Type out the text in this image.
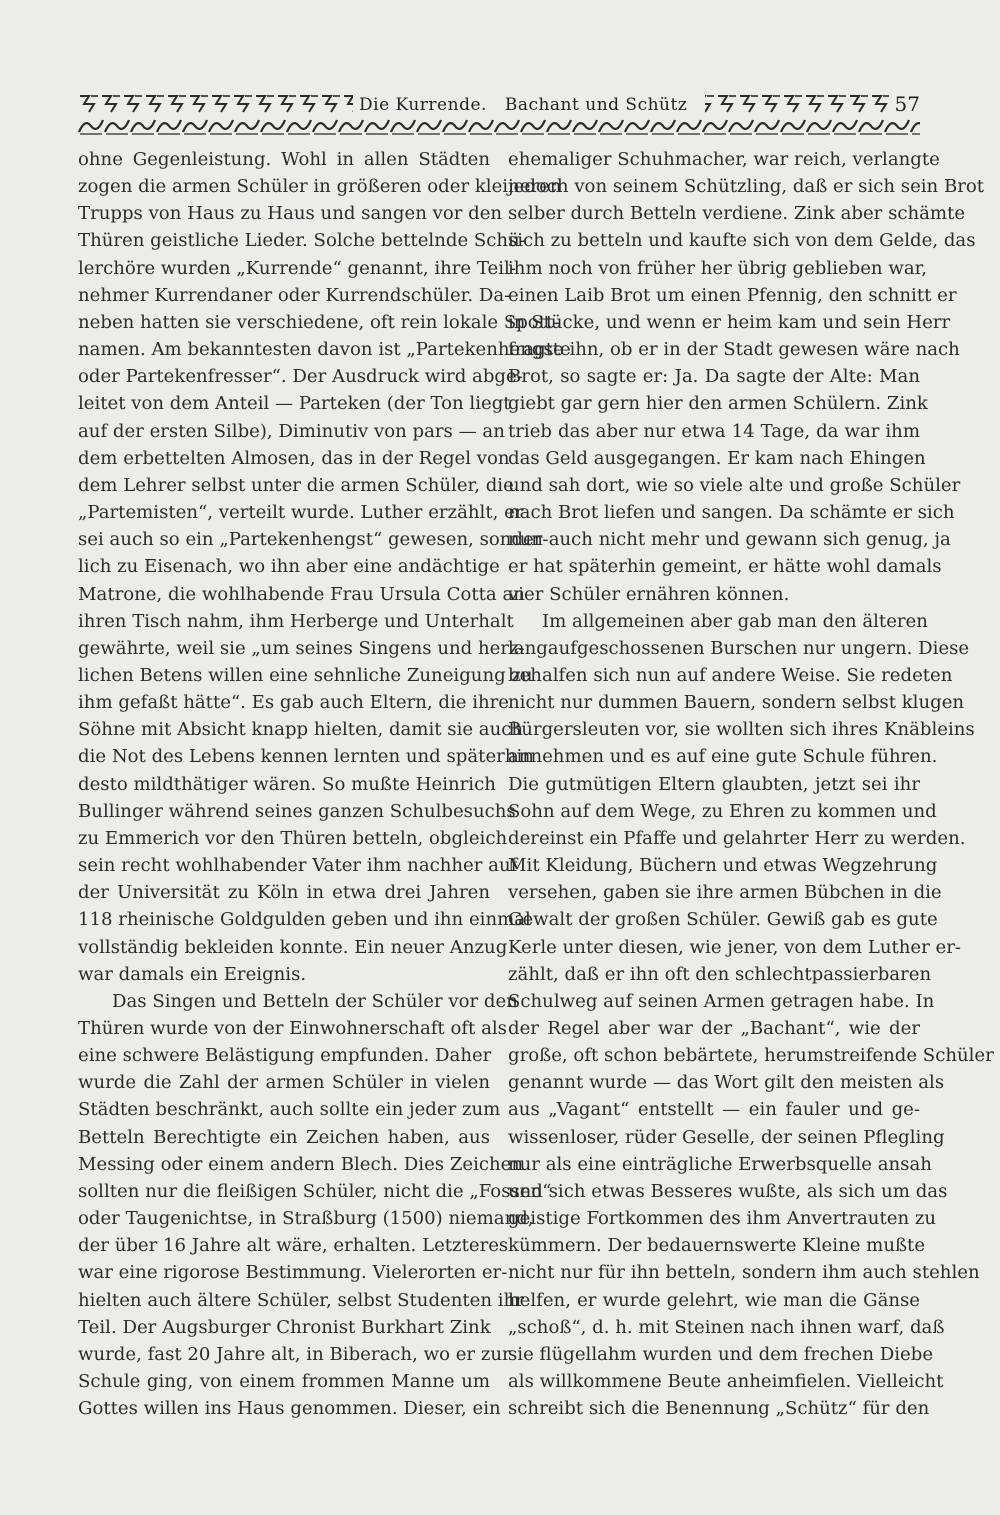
Die Kurrende. Bachant und Schütz	57
ohne Gegenleistung. Wohl in allen Städten
zogen die armen Schüler in größeren oder kleineren
Trupps von Haus zu Haus und sangen vor den
Thüren geistliche Lieder. Solche bettelnde Schü-
lerchöre wurden „Kurrende“ genannt, ihre Teil-
nehmer Kurrendaner oder Kurrendschüler. Da-
neben hatten sie verschiedene, oft rein lokale Spott-
namen. Am bekanntesten davon ist „Partekenhengste
oder Partekenfresser“. Der Ausdruck wird abge-
leitet von dem Anteil — Parteken (der Ton liegt
auf der ersten Silbe), Diminutiv von pars — an
dem erbettelten Almosen, das in der Regel von
dem Lehrer selbst unter die armen Schüler, die
„Partemisten“, verteilt wurde. Luther erzählt, er
sei auch so ein „Partekenhengst“ gewesen, sonder-
lich zu Eisenach, wo ihn aber eine andächtige
Matrone, die wohlhabende Frau Ursula Cotta an
ihren Tisch nahm, ihm Herberge und Unterhalt
gewährte, weil sie „um seines Singens und herz-
lichen Betens willen eine sehnliche Zuneigung zu
ihm gefaßt hätte“. Es gab auch Eltern, die ihre
Söhne mit Absicht knapp hielten, damit sie auch
die Not des Lebens kennen lernten und späterhin
desto mildthätiger wären. So mußte Heinrich
Bullinger während seines ganzen Schulbesuchs
zu Emmerich vor den Thüren betteln, obgleich
sein recht wohlhabender Vater ihm nachher auf
der Universität zu Köln in etwa drei Jahren
118 rheinische Goldgulden geben und ihn einmal
vollständig bekleiden konnte. Ein neuer Anzug
war damals ein Ereignis.
Das Singen und Betteln der Schüler vor den
Thüren wurde von der Einwohnerschaft oft als
eine schwere Belästigung empfunden. Daher
wurde die Zahl der armen Schüler in vielen
Städten beschränkt, auch sollte ein jeder zum
Betteln Berechtigte ein Zeichen haben, aus
Messing oder einem andern Blech. Dies Zeichen
sollten nur die fleißigen Schüler, nicht die „Fossen“
oder Taugenichtse, in Straßburg (1500) niemand,
der über 16 Jahre alt wäre, erhalten. Letzteres
war eine rigorose Bestimmung. Vielerorten er-
hielten auch ältere Schüler, selbst Studenten ihr
Teil. Der Augsburger Chronist Burkhart Zink
wurde, fast 20 Jahre alt, in Biberach, wo er zur
Schule ging, von einem frommen Manne um
Gottes willen ins Haus genommen. Dieser, ein
ehemaliger Schuhmacher, war reich, verlangte
jedoch von seinem Schützling, daß er sich sein Brot
selber durch Betteln verdiene. Zink aber schämte
sich zu betteln und kaufte sich von dem Gelde, das
ihm noch von früher her übrig geblieben war,
einen Laib Brot um einen Pfennig, den schnitt er
in Stücke, und wenn er heim kam und sein Herr
fragte ihn, ob er in der Stadt gewesen wäre nach
Brot, so sagte er: Ja. Da sagte der Alte: Man
giebt gar gern hier den armen Schülern. Zink
trieb das aber nur etwa 14 Tage, da war ihm
das Geld ausgegangen. Er kam nach Ehingen
und sah dort, wie so viele alte und große Schüler
nach Brot liefen und sangen. Da schämte er sich
nun auch nicht mehr und gewann sich genug, ja
er hat späterhin gemeint, er hätte wohl damals
vier Schüler ernähren können.
Im allgemeinen aber gab man den älteren
langaufgeschossenen Burschen nur ungern. Diese
behalfen sich nun auf andere Weise. Sie redeten
nicht nur dummen Bauern, sondern selbst klugen
Bürgersleuten vor, sie wollten sich ihres Knäbleins
annehmen und es auf eine gute Schule führen.
Die gutmütigen Eltern glaubten, jetzt sei ihr
Sohn auf dem Wege, zu Ehren zu kommen und
dereinst ein Pfaffe und gelahrter Herr zu werden.
Mit Kleidung, Büchern und etwas Wegzehrung
versehen, gaben sie ihre armen Bübchen in die
Gewalt der großen Schüler. Gewiß gab es gute
Kerle unter diesen, wie jener, von dem Luther er-
zählt, daß er ihn oft den schlechtpassierbaren
Schulweg auf seinen Armen getragen habe. In
der Regel aber war der „Bachant“, wie der
große, oft schon bebärtete, herumstreifende Schüler
genannt wurde — das Wort gilt den meisten als
aus „Vagant“ entstellt — ein fauler und ge-
wissenloser, rüder Geselle, der seinen Pflegling
nur als eine einträgliche Erwerbsquelle ansah
und sich etwas Besseres wußte, als sich um das
geistige Fortkommen des ihm Anvertrauten zu
kümmern. Der bedauernswerte Kleine mußte
nicht nur für ihn betteln, sondern ihm auch stehlen
helfen, er wurde gelehrt, wie man die Gänse
„schoß“, d. h. mit Steinen nach ihnen warf, daß
sie flügellahm wurden und dem frechen Diebe
als willkommene Beute anheimfielen. Vielleicht
schreibt sich die Benennung „Schütz“ für den
